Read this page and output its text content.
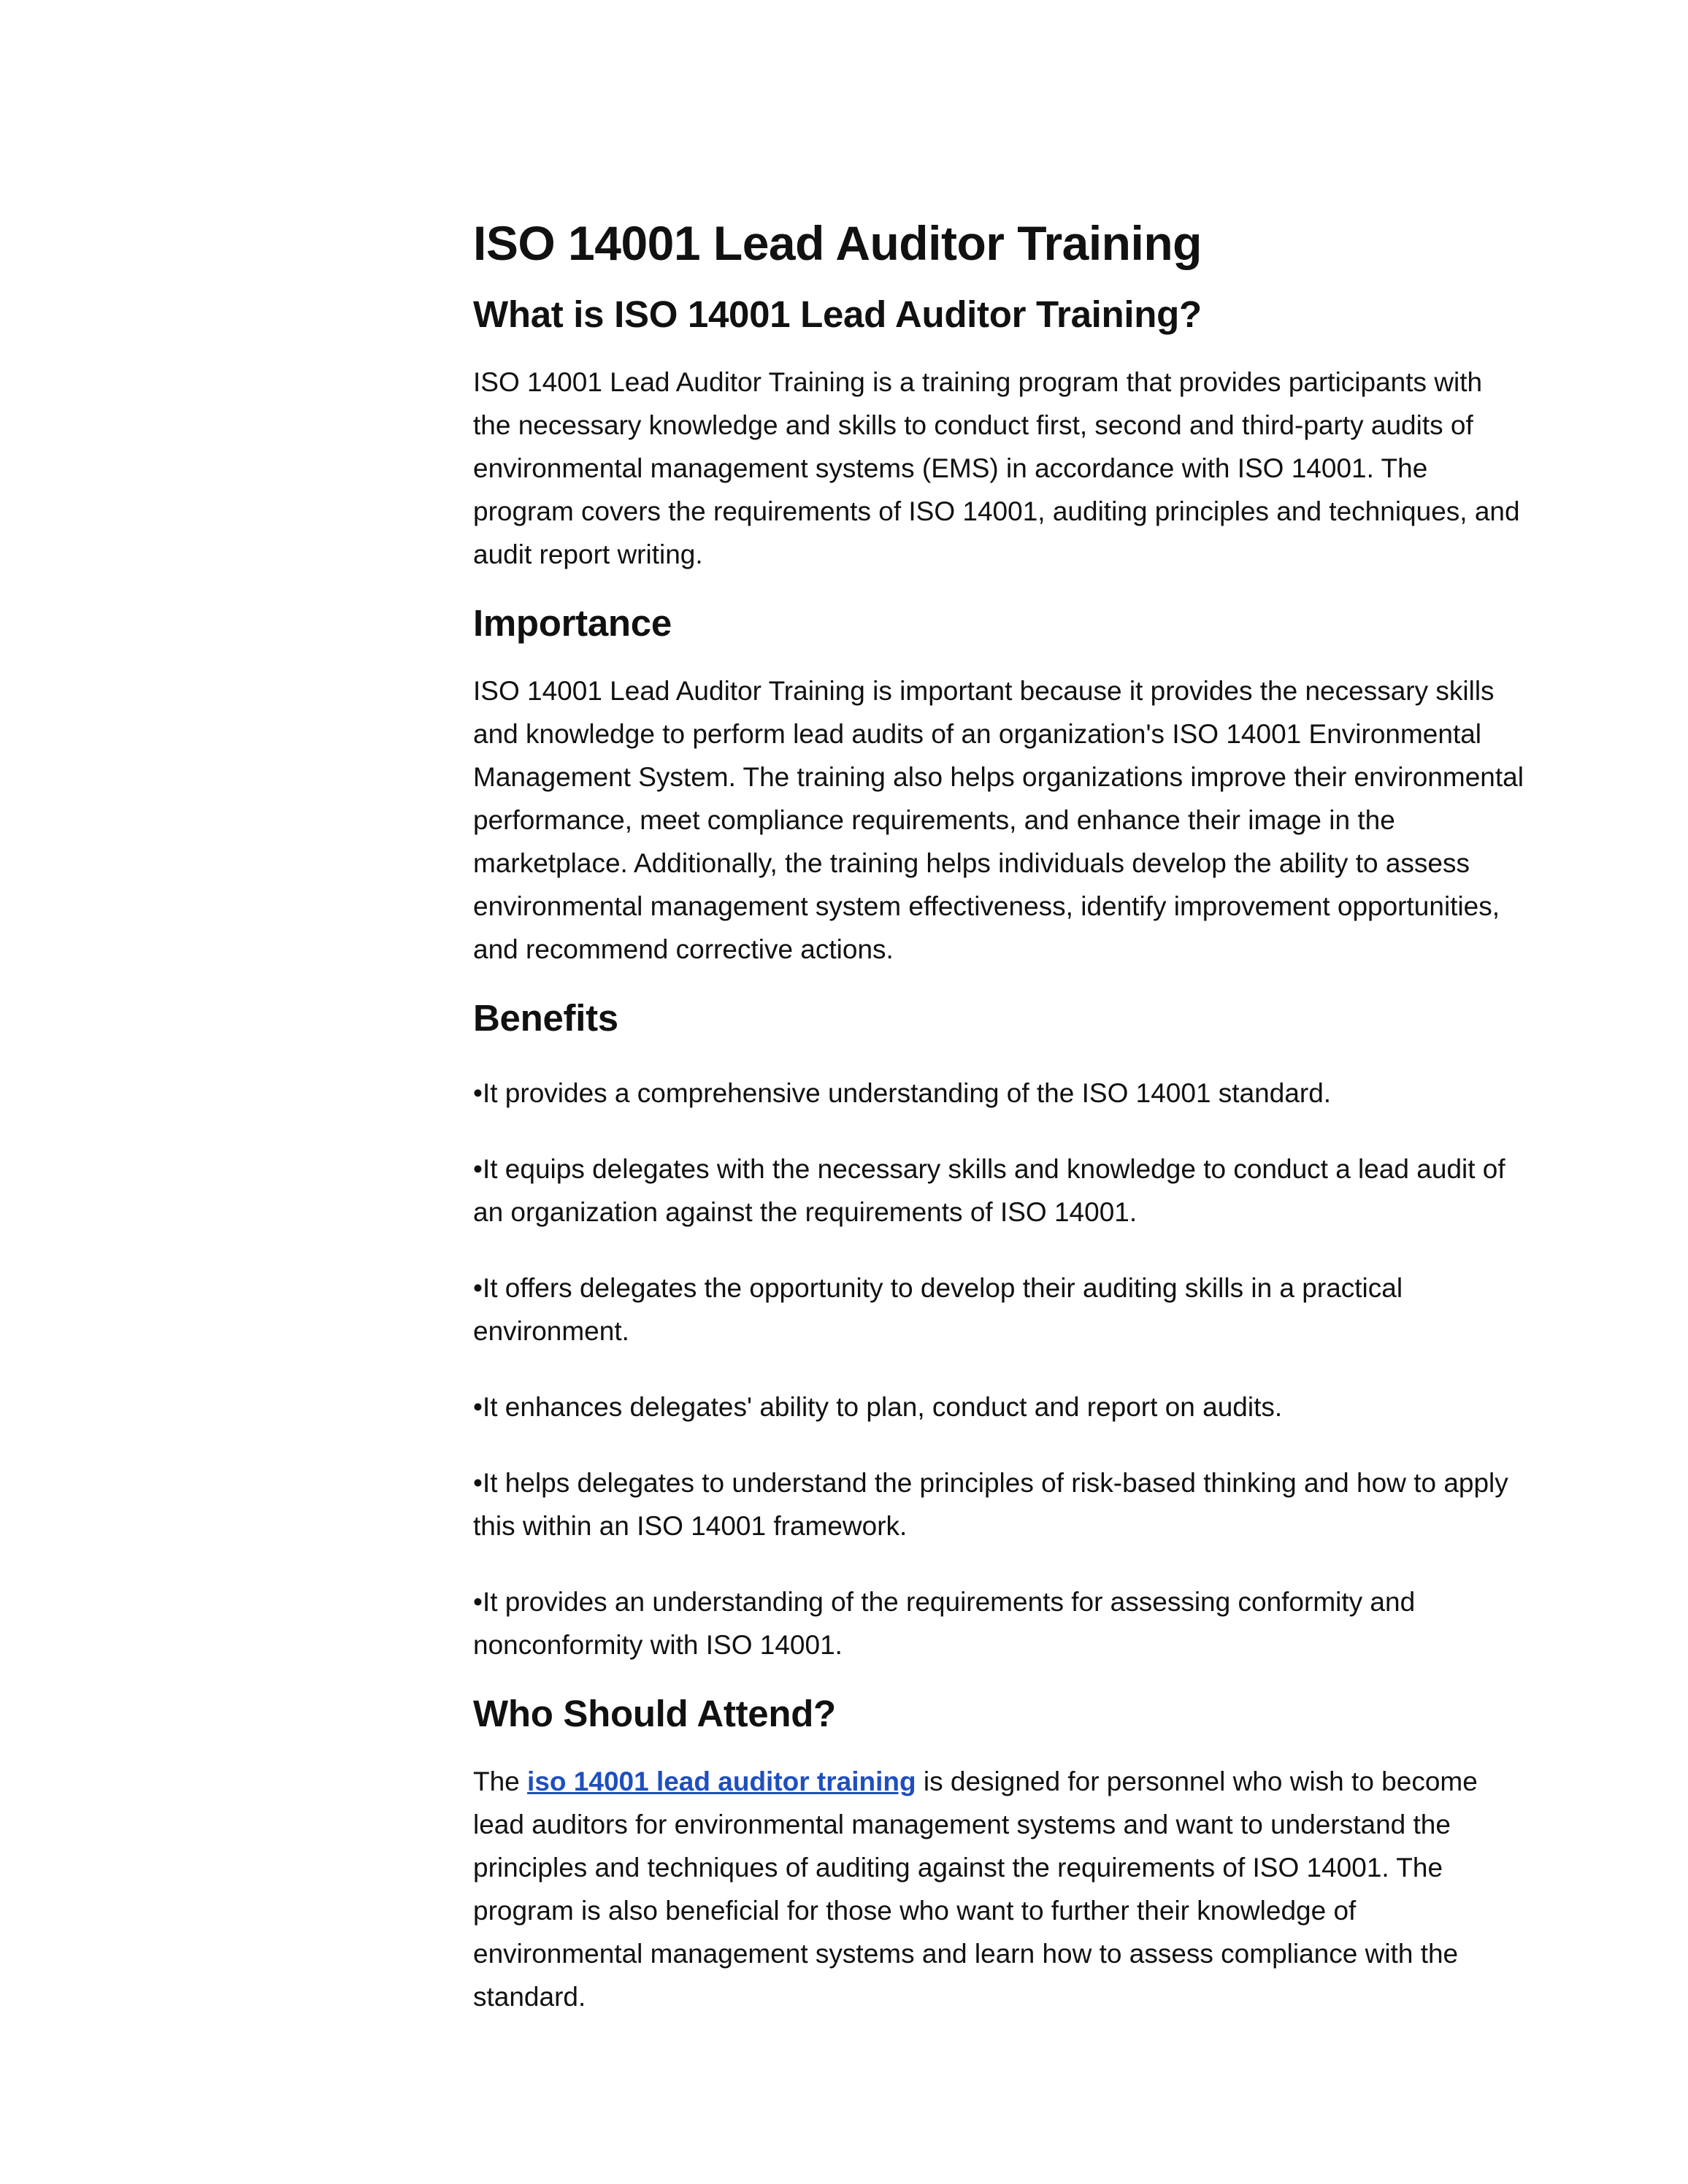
ISO 14001 Lead Auditor Training
What is ISO 14001 Lead Auditor Training?

ISO 14001 Lead Auditor Training is a training program that provides participants with the necessary knowledge and skills to conduct first, second and third-party audits of environmental management systems (EMS) in accordance with ISO 14001. The program covers the requirements of ISO 14001, auditing principles and techniques, and audit report writing.

Importance

ISO 14001 Lead Auditor Training is important because it provides the necessary skills and knowledge to perform lead audits of an organization's ISO 14001 Environmental Management System. The training also helps organizations improve their environmental performance, meet compliance requirements, and enhance their image in the marketplace. Additionally, the training helps individuals develop the ability to assess environmental management system effectiveness, identify improvement opportunities, and recommend corrective actions.

Benefits

•It provides a comprehensive understanding of the ISO 14001 standard.

•It equips delegates with the necessary skills and knowledge to conduct a lead audit of an organization against the requirements of ISO 14001.

•It offers delegates the opportunity to develop their auditing skills in a practical environment.

•It enhances delegates' ability to plan, conduct and report on audits.

•It helps delegates to understand the principles of risk-based thinking and how to apply this within an ISO 14001 framework.

•It provides an understanding of the requirements for assessing conformity and nonconformity with ISO 14001.

Who Should Attend?

The iso 14001 lead auditor training is designed for personnel who wish to become lead auditors for environmental management systems and want to understand the principles and techniques of auditing against the requirements of ISO 14001. The program is also beneficial for those who want to further their knowledge of environmental management systems and learn how to assess compliance with the standard.
